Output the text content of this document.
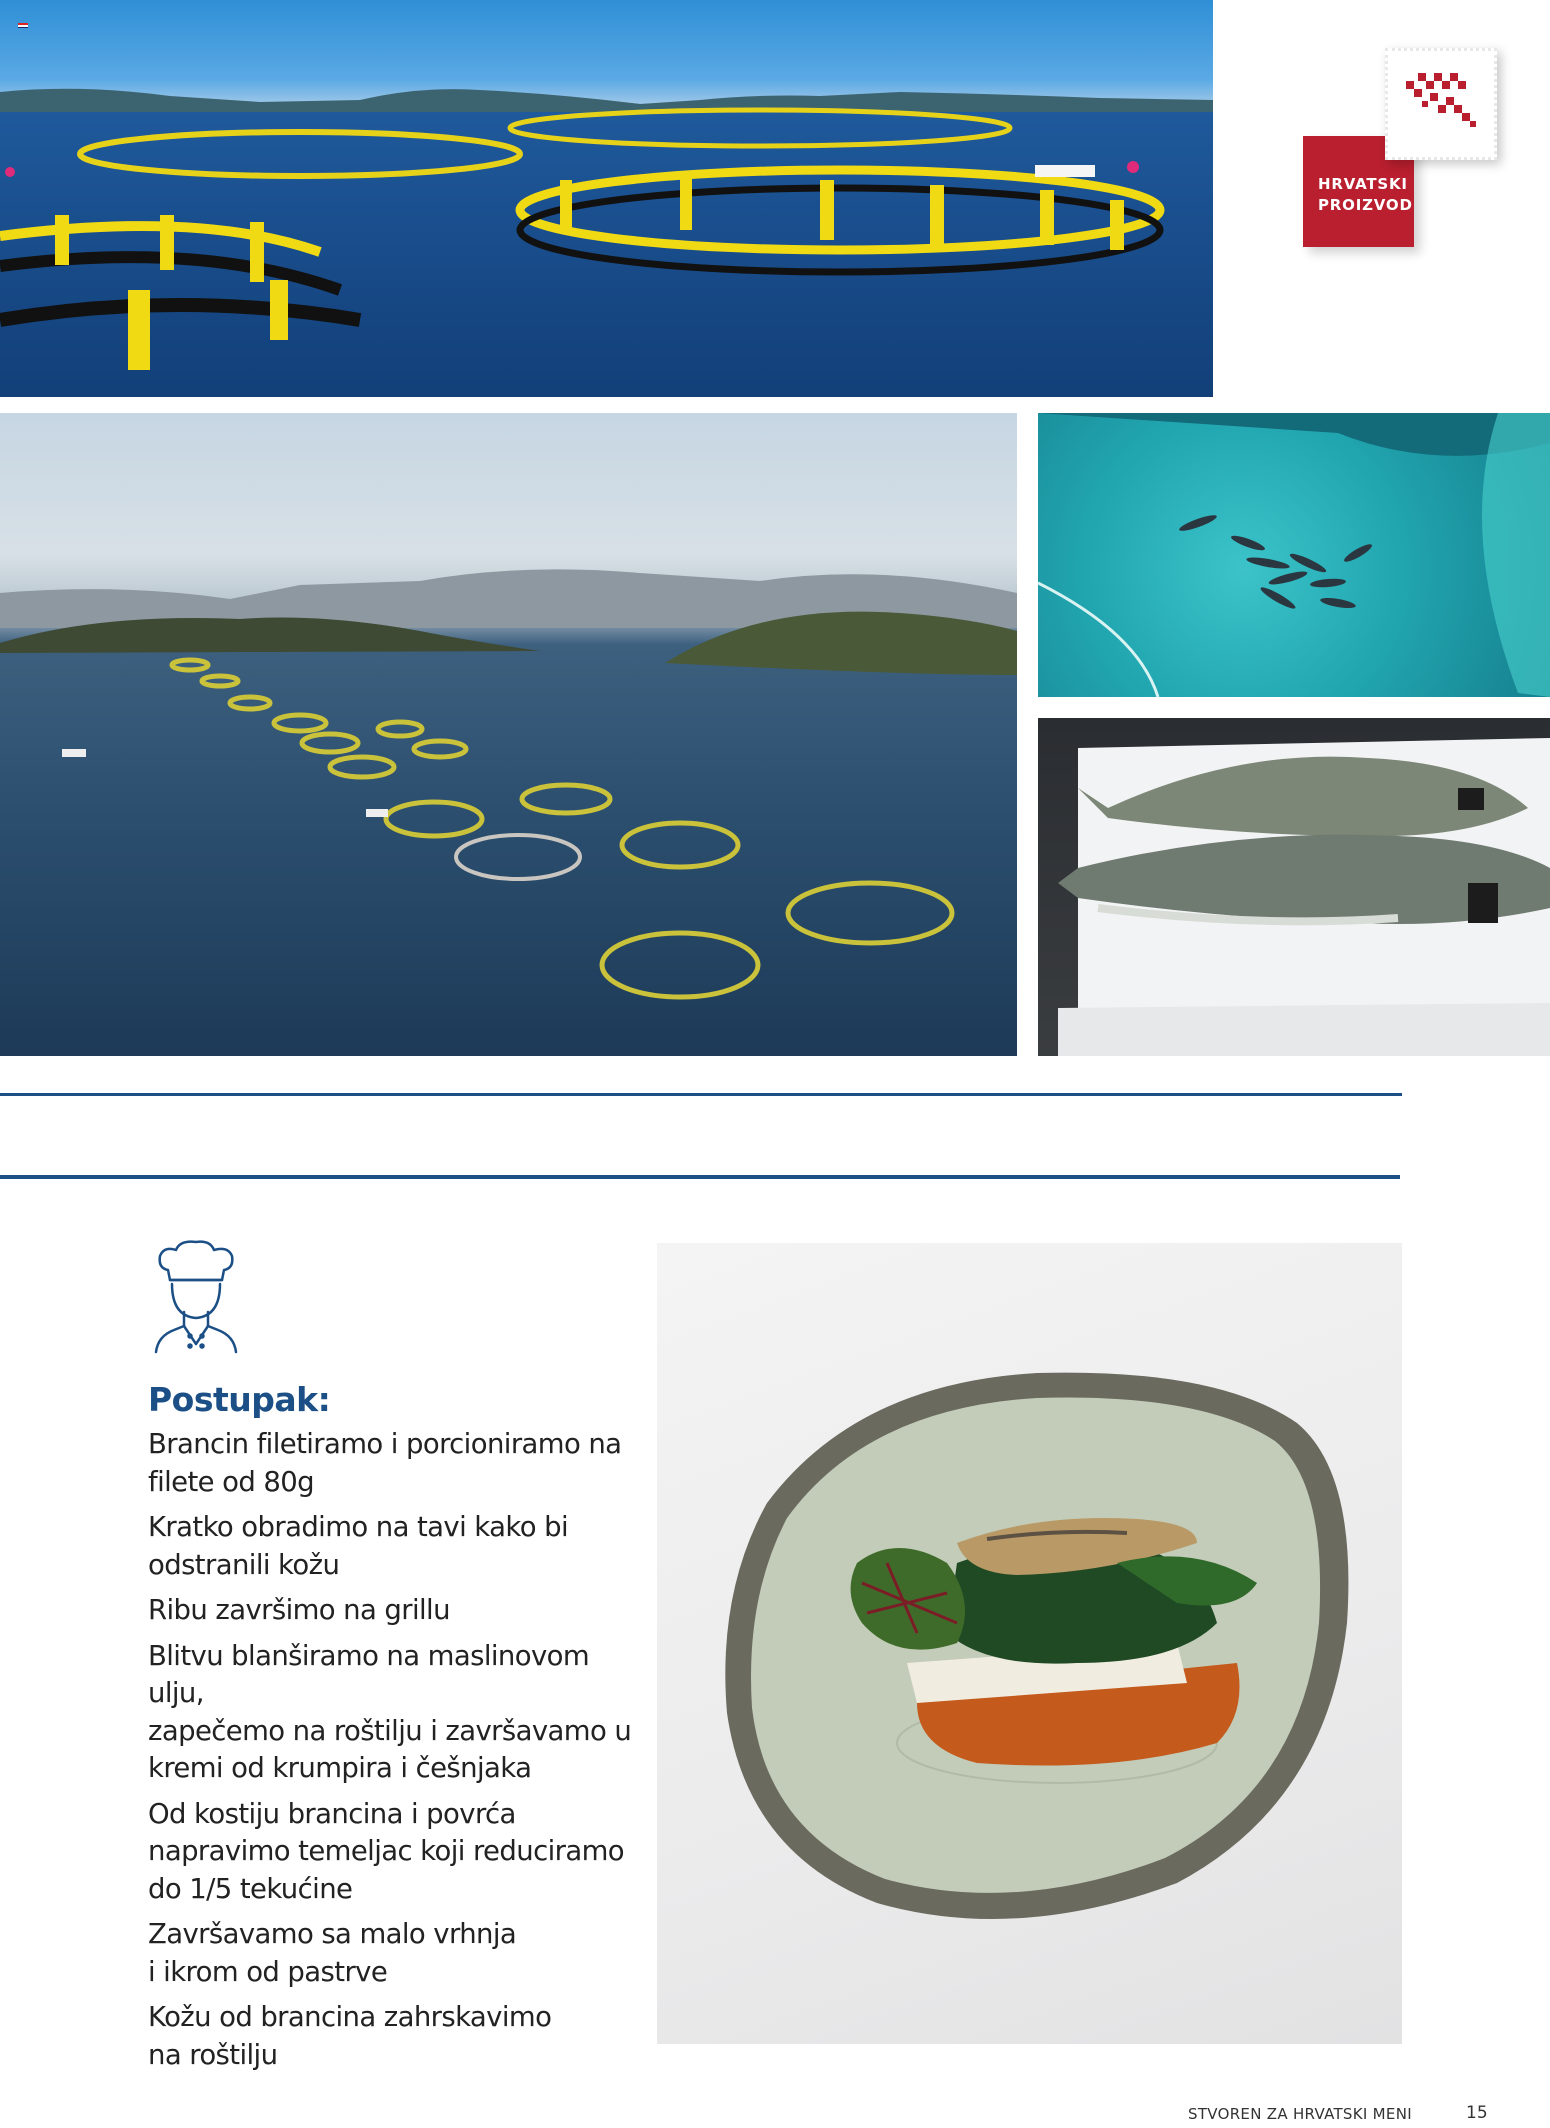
HRVATSKI
PROIZVOD
Postupak:
Brancin filetiramo i porcioniramo na
filete od 80g
Kratko obradimo na tavi kako bi
odstranili kožu
Ribu završimo na grillu
Blitvu blanširamo na maslinovom ulju,
zapečemo na roštilju i završavamo u
kremi od krumpira i češnjaka
Od kostiju brancina i povrća
napravimo temeljac koji reduciramo
do 1/5 tekućine
Završavamo sa malo vrhnja
i ikrom od pastrve
Kožu od brancina zahrskavimo
na roštilju
STVOREN ZA HRVATSKI MENI	15
